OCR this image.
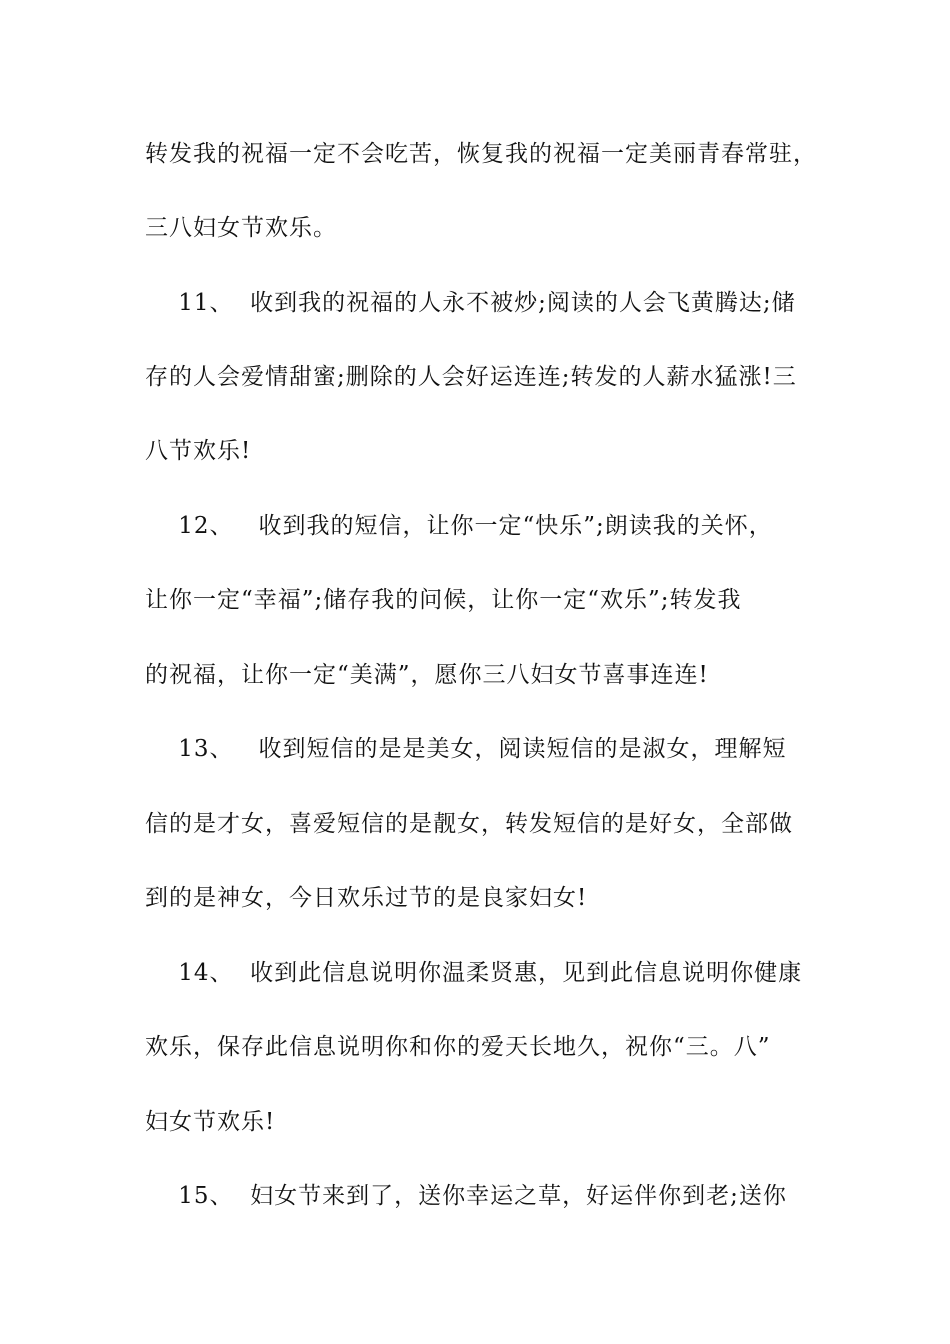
转发我的祝福一定不会吃苦，恢复我的祝福一定美丽青春常驻，
三八妇女节欢乐。
11、  收到我的祝福的人永不被炒;阅读的人会飞黄腾达;储
存的人会爱情甜蜜;删除的人会好运连连;转发的人薪水猛涨!三
八节欢乐!
12、   收到我的短信，让你一定“快乐”;朗读我的关怀，
让你一定“幸福”;储存我的问候，让你一定“欢乐”;转发我
的祝福，让你一定“美满”，愿你三八妇女节喜事连连!
13、   收到短信的是是美女，阅读短信的是淑女，理解短
信的是才女，喜爱短信的是靓女，转发短信的是好女，全部做
到的是神女，今日欢乐过节的是良家妇女!
14、  收到此信息说明你温柔贤惠，见到此信息说明你健康
欢乐，保存此信息说明你和你的爱天长地久，祝你“三。八”
妇女节欢乐!
15、  妇女节来到了，送你幸运之草，好运伴你到老;送你
